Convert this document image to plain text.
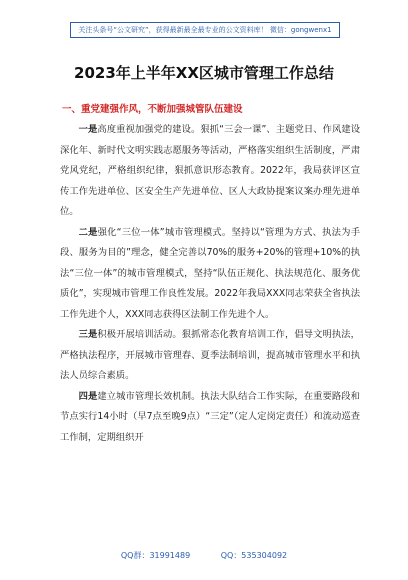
关注头条号“公文研究”，获得最新最全最专业的公文资料库！ 微信：gongwenx1
2023年上半年XX区城市管理工作总结
一、重党建强作风，不断加强城管队伍建设

一是高度重视加强党的建设。狠抓“三会一课”、主题党日、作风建设深化年、新时代文明实践志愿服务等活动，严格落实组织生活制度，严肃党风党纪，严格组织纪律，狠抓意识形态教育。2022年，我局获评区宣传工作先进单位、区安全生产先进单位、区人大政协提案议案办理先进单位。

二是强化“三位一体”城市管理模式。坚持以“管理为方式、执法为手段、服务为目的”理念，健全完善以70%的服务+20%的管理+10%的执法“三位一体”的城市管理模式，坚持“队伍正规化、执法规范化、服务优质化”，实现城市管理工作良性发展。2022年我局XXX同志荣获全省执法工作先进个人，XXX同志获得区法制工作先进个人。

三是积极开展培训活动。狠抓常态化教育培训工作，倡导文明执法，严格执法程序，开展城市管理春、夏季法制培训，提高城市管理水平和执法人员综合素质。

四是建立城市管理长效机制。执法大队结合工作实际，在重要路段和节点实行14小时（早7点至晚9点）“三定”（定人定岗定责任）和流动巡查工作制，定期组织开

QQ群：31991489	QQ：535304092
